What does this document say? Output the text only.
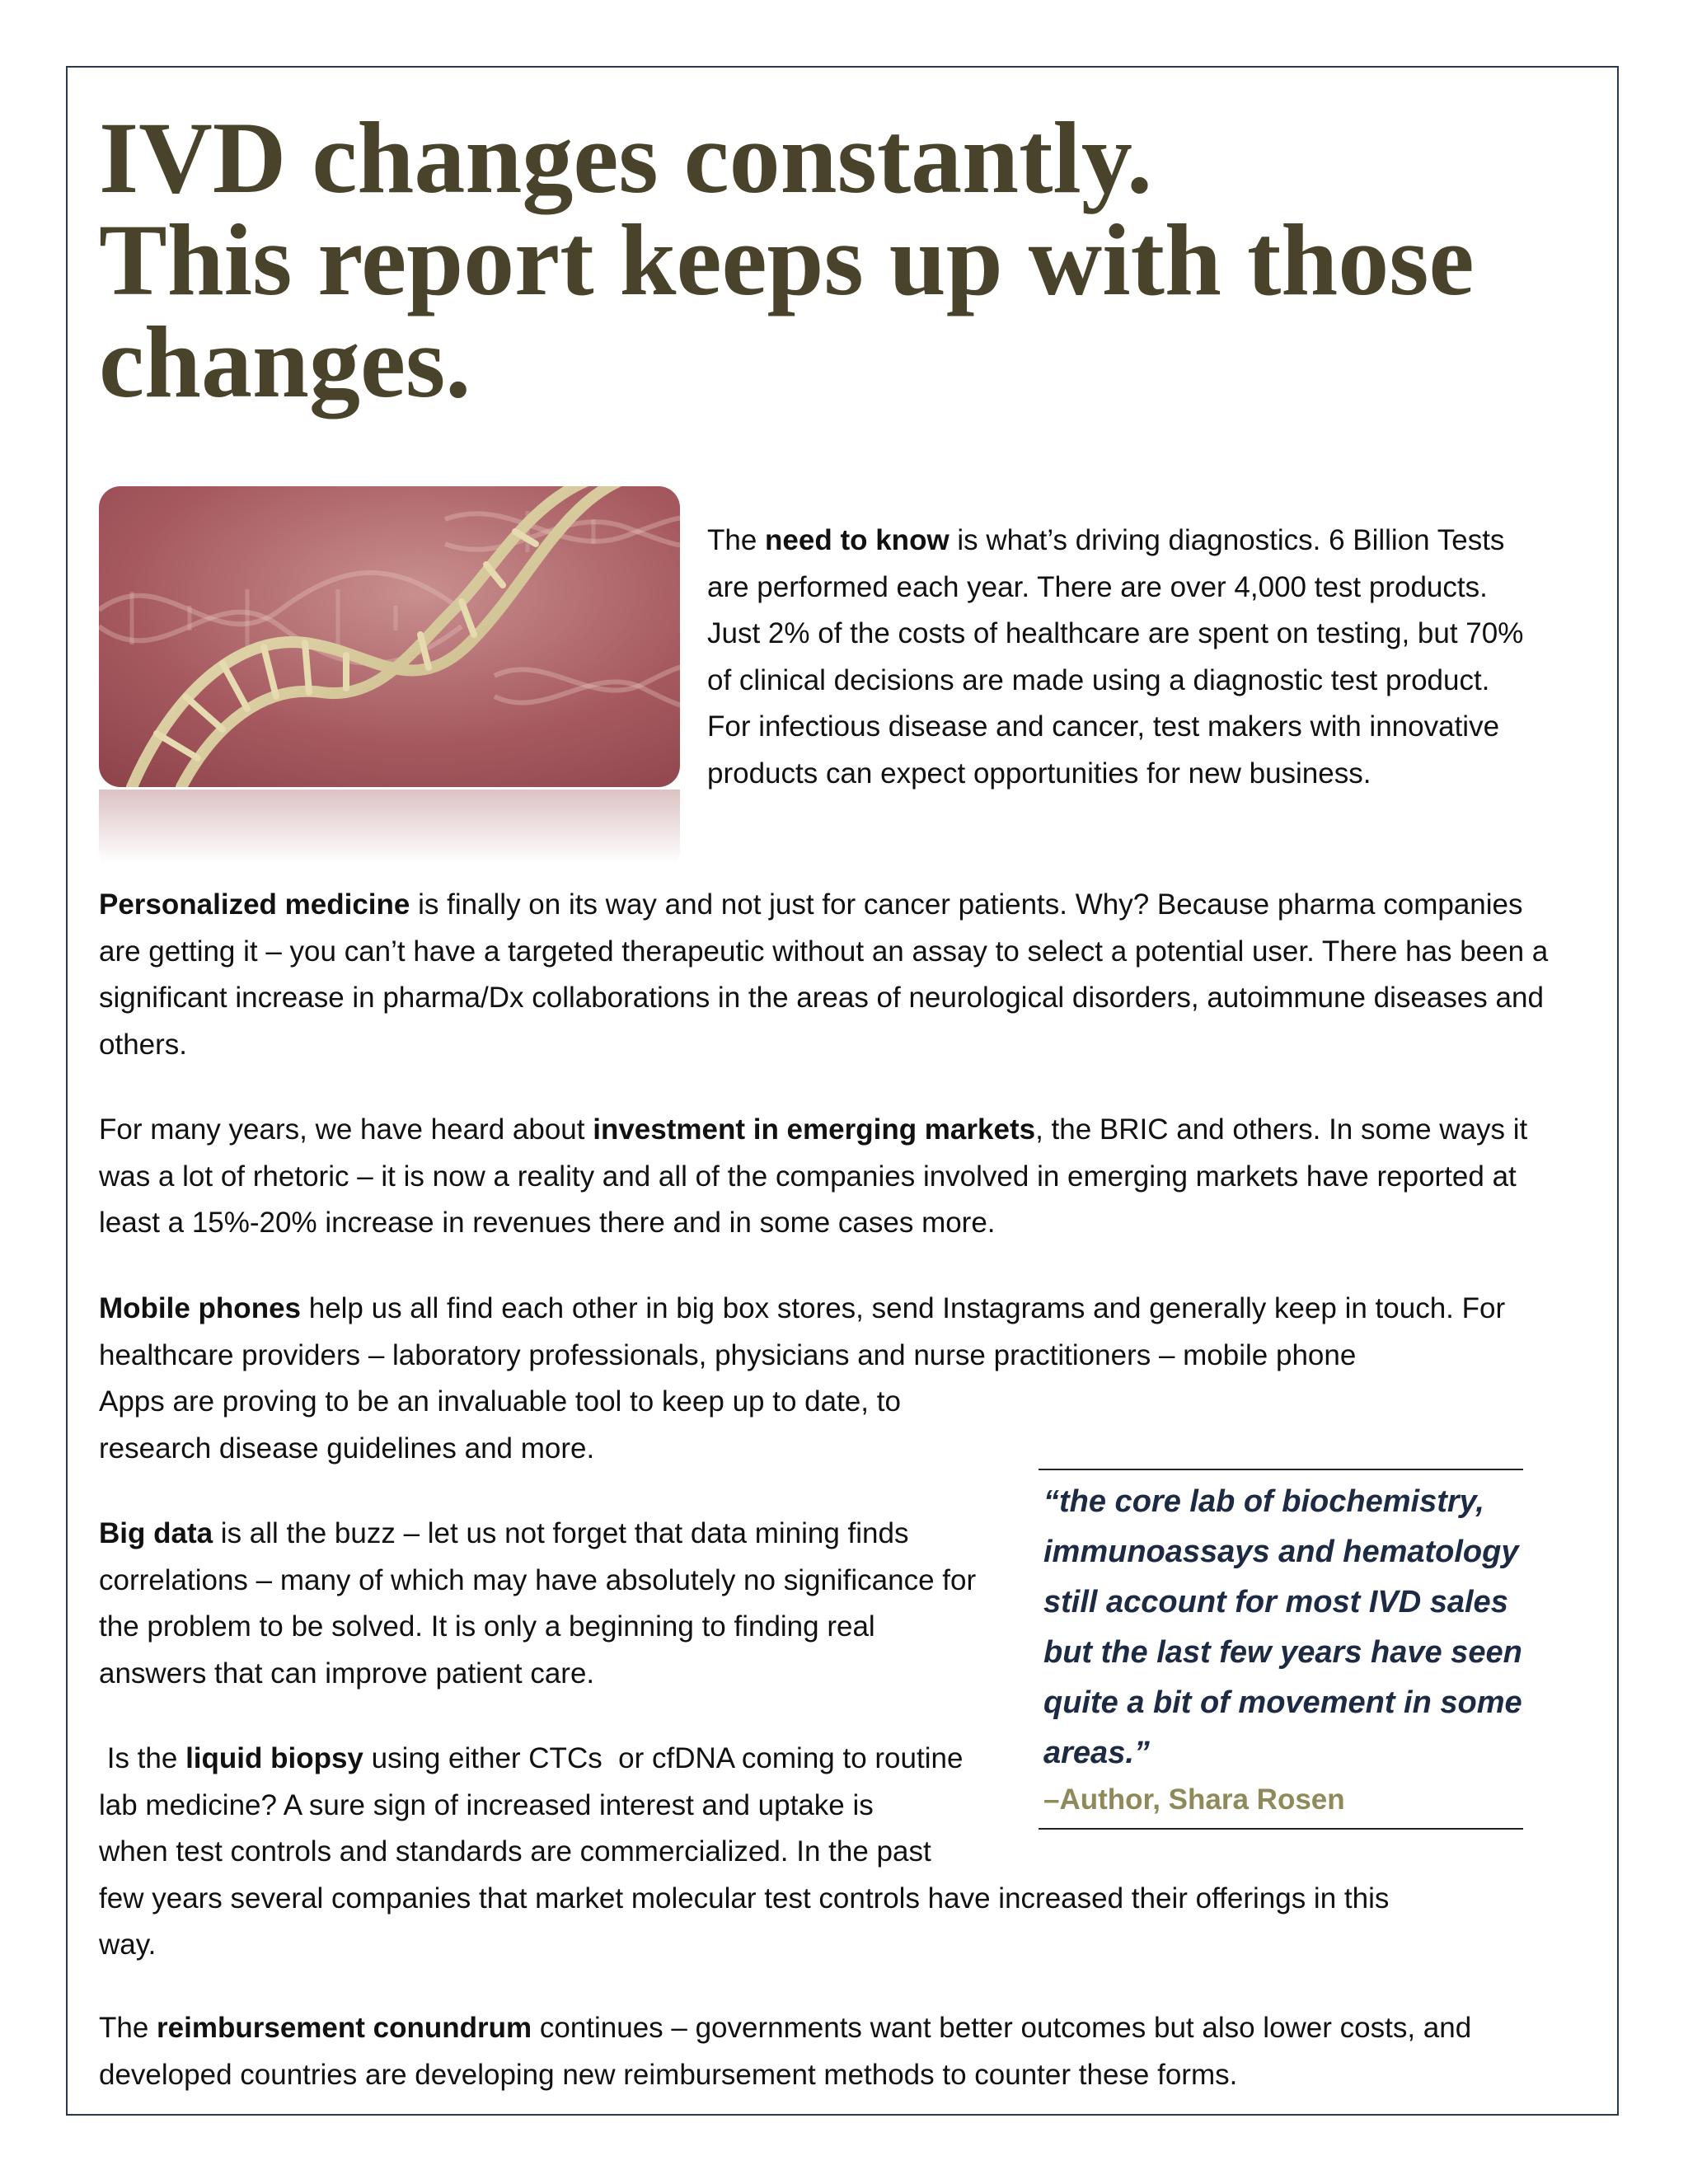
IVD changes constantly.
This report keeps up with those
changes.

The need to know is what’s driving diagnostics. 6 Billion Tests are performed each year. There are over 4,000 test products. Just 2% of the costs of healthcare are spent on testing, but 70% of clinical decisions are made using a diagnostic test product. For infectious disease and cancer, test makers with innovative products can expect opportunities for new business.

Personalized medicine is finally on its way and not just for cancer patients. Why? Because pharma companies are getting it – you can’t have a targeted therapeutic without an assay to select a potential user. There has been a significant increase in pharma/Dx collaborations in the areas of neurological disorders, autoimmune diseases and others.

For many years, we have heard about investment in emerging markets, the BRIC and others. In some ways it was a lot of rhetoric – it is now a reality and all of the companies involved in emerging markets have reported at least a 15%-20% increase in revenues there and in some cases more.

Mobile phones help us all find each other in big box stores, send Instagrams and generally keep in touch. For healthcare providers – laboratory professionals, physicians and nurse practitioners – mobile phone
Apps are proving to be an invaluable tool to keep up to date, to research disease guidelines and more.

Big data is all the buzz – let us not forget that data mining finds correlations – many of which may have absolutely no significance for the problem to be solved. It is only a beginning to finding real answers that can improve patient care.

Is the liquid biopsy using either CTCs  or cfDNA coming to routine
lab medicine? A sure sign of increased interest and uptake is
when test controls and standards are commercialized. In the past
few years several companies that market molecular test controls have increased their offerings in this
way.

The reimbursement conundrum continues – governments want better outcomes but also lower costs, and developed countries are developing new reimbursement methods to counter these forms.

“the core lab of biochemistry, immunoassays and hematology still account for most IVD sales but the last few years have seen quite a bit of movement in some areas.”
–Author, Shara Rosen
